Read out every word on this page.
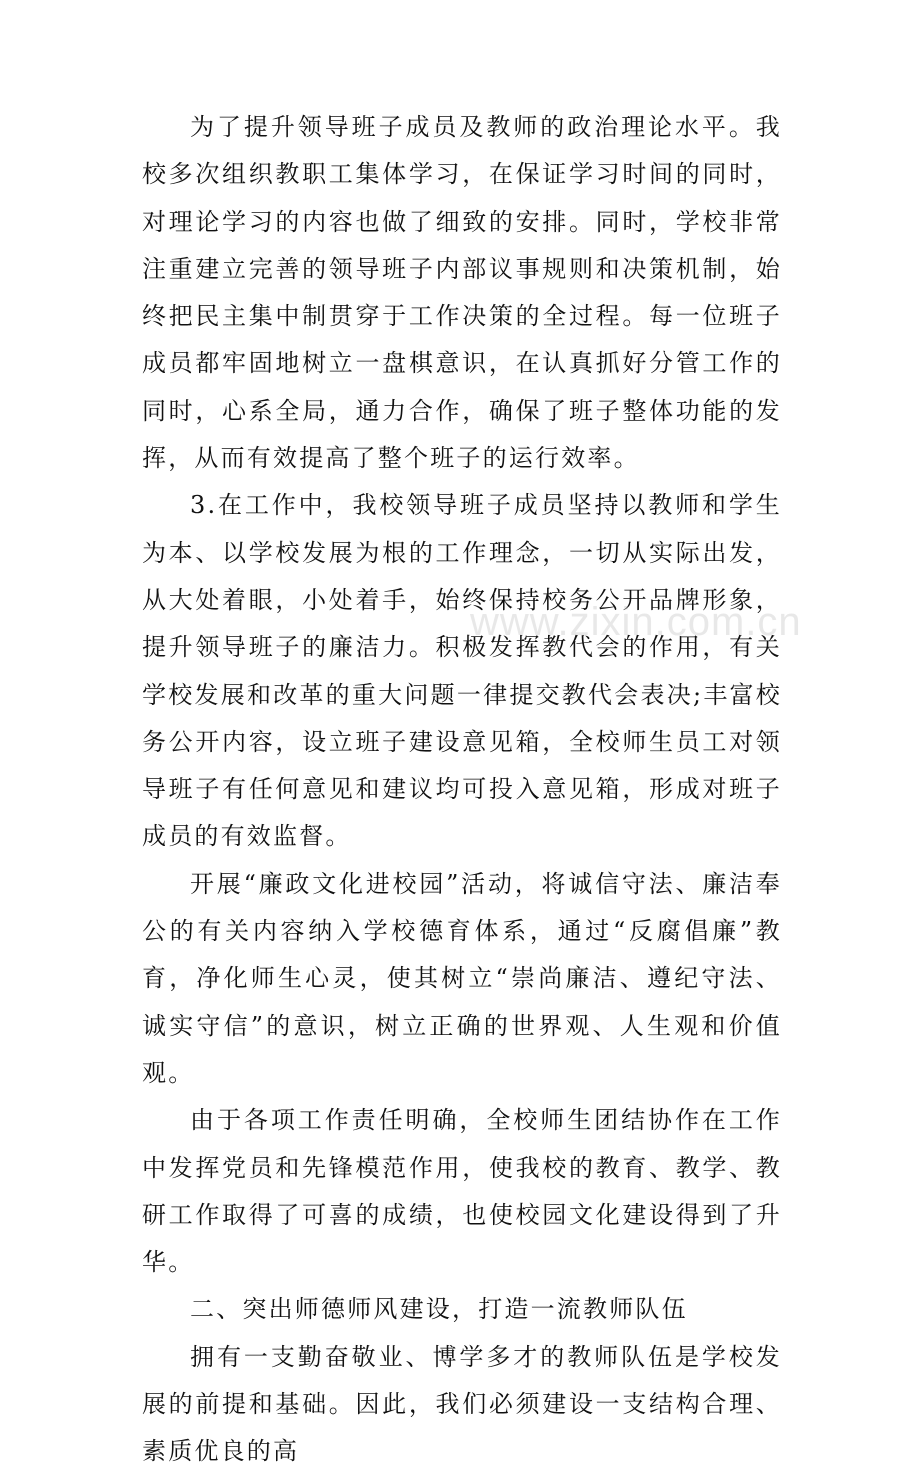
为了提升领导班子成员及教师的政治理论水平。我校多次组织教职工集体学习，在保证学习时间的同时，对理论学习的内容也做了细致的安排。同时，学校非常注重建立完善的领导班子内部议事规则和决策机制，始终把民主集中制贯穿于工作决策的全过程。每一位班子成员都牢固地树立一盘棋意识，在认真抓好分管工作的同时，心系全局，通力合作，确保了班子整体功能的发挥，从而有效提高了整个班子的运行效率。

3.在工作中，我校领导班子成员坚持以教师和学生为本、以学校发展为根的工作理念，一切从实际出发，从大处着眼，小处着手，始终保持校务公开品牌形象，提升领导班子的廉洁力。积极发挥教代会的作用，有关学校发展和改革的重大问题一律提交教代会表决;丰富校务公开内容，设立班子建设意见箱，全校师生员工对领导班子有任何意见和建议均可投入意见箱，形成对班子成员的有效监督。

开展“廉政文化进校园”活动，将诚信守法、廉洁奉公的有关内容纳入学校德育体系，通过“反腐倡廉”教育，净化师生心灵，使其树立“崇尚廉洁、遵纪守法、诚实守信”的意识，树立正确的世界观、人生观和价值观。

由于各项工作责任明确，全校师生团结协作在工作中发挥党员和先锋模范作用，使我校的教育、教学、教研工作取得了可喜的成绩，也使校园文化建设得到了升华。

二、突出师德师风建设，打造一流教师队伍

拥有一支勤奋敬业、博学多才的教师队伍是学校发展的前提和基础。因此，我们必须建设一支结构合理、素质优良的高

www.zixin.com.cn
